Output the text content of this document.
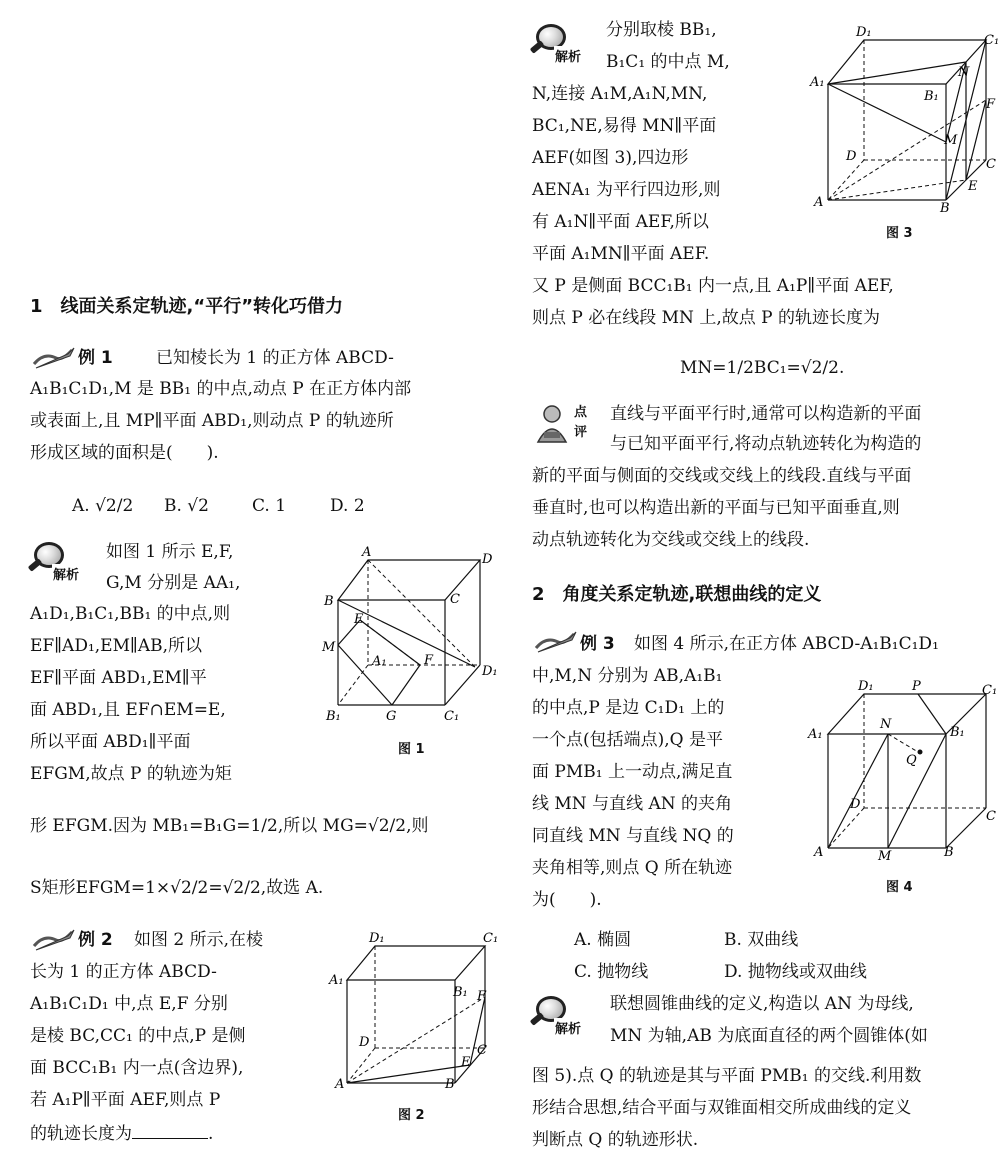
1　线面关系定轨迹,“平行”转化巧借力
例 1	已知棱长为 1 的正方体 ABCD-
A₁B₁C₁D₁,M 是 BB₁ 的中点,动点 P 在正方体内部
或表面上,且 MP∥平面 ABD₁,则动点 P 的轨迹所
形成区域的面积是(　　).
A. √2/2 B. √2	C. 1	D. 2
解析
如图 1 所示 E,F,
G,M 分别是 AA₁,
A₁D₁,B₁C₁,BB₁ 的中点,则
EF∥AD₁,EM∥AB,所以
EF∥平面 ABD₁,EM∥平
面 ABD₁,且 EF∩EM=E,
所以平面 ABD₁∥平面
EFGM,故点 P 的轨迹为矩
形 EFGM.因为 MB₁=B₁G=1/2,所以 MG=√2/2,则
S矩形EFGM=1×√2/2=√2/2,故选 A.
A	D
B	C
E
M
A₁	F
D₁
B₁	G	C₁
图 1
例 2 如图 2 所示,在棱
长为 1 的正方体 ABCD-
A₁B₁C₁D₁ 中,点 E,F 分别
是棱 BC,CC₁ 的中点,P 是侧
面 BCC₁B₁ 内一点(含边界),
若 A₁P∥平面 AEF,则点 P
的轨迹长度为	.
D₁	C₁
A₁
B₁ F
D
C
E
A	B
图 2
解析
分别取棱 BB₁,
B₁C₁ 的中点 M,
N,连接 A₁M,A₁N,MN,
BC₁,NE,易得 MN∥平面
AEF(如图 3),四边形
AENA₁ 为平行四边形,则
有 A₁N∥平面 AEF,所以
平面 A₁MN∥平面 AEF.
又 P 是侧面 BCC₁B₁ 内一点,且 A₁P∥平面 AEF,
则点 P 必在线段 MN 上,故点 P 的轨迹长度为
MN=1/2BC₁=√2/2.
D₁
C₁
A₁
N
B₁
F
M
D
C
E
A	B
图 3
点
评
直线与平面平行时,通常可以构造新的平面
与已知平面平行,将动点轨迹转化为构造的
新的平面与侧面的交线或交线上的线段.直线与平面
垂直时,也可以构造出新的平面与已知平面垂直,则
动点轨迹转化为交线或交线上的线段.
2　角度关系定轨迹,联想曲线的定义
例 3 如图 4 所示,在正方体 ABCD-A₁B₁C₁D₁
中,M,N 分别为 AB,A₁B₁
的中点,P 是边 C₁D₁ 上的
一个点(包括端点),Q 是平
面 PMB₁ 上一动点,满足直
线 MN 与直线 AN 的夹角
同直线 MN 与直线 NQ 的
夹角相等,则点 Q 所在轨迹
为(　　).
A. 椭圆	B. 双曲线
C. 抛物线	D. 抛物线或双曲线
D₁	P	C₁
A₁
N
B₁
Q
D
C
A	M	B
图 4
解析
联想圆锥曲线的定义,构造以 AN 为母线,
MN 为轴,AB 为底面直径的两个圆锥体(如
图 5).点 Q 的轨迹是其与平面 PMB₁ 的交线.利用数
形结合思想,结合平面与双锥面相交所成曲线的定义
判断点 Q 的轨迹形状.
